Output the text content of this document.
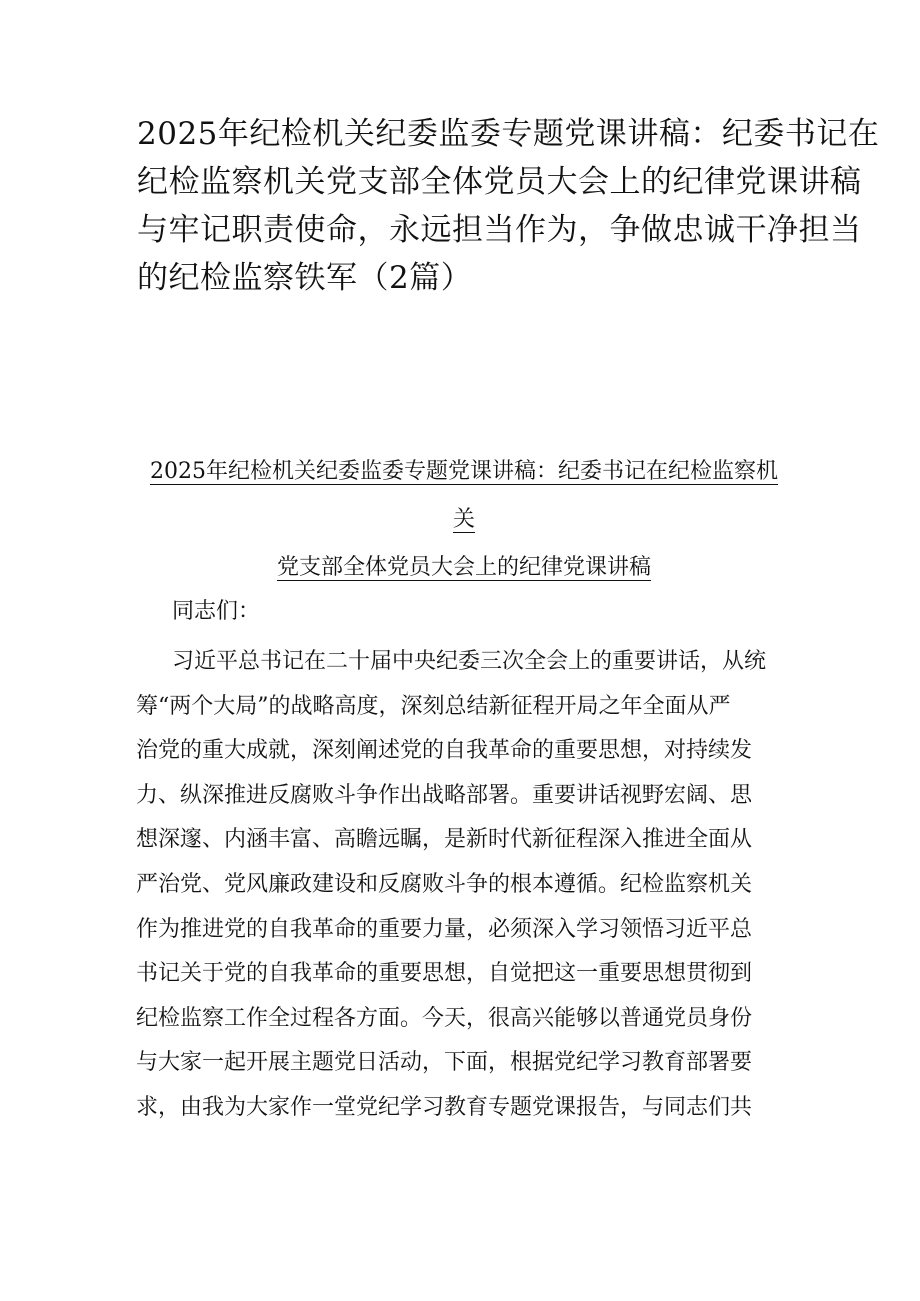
2025年纪检机关纪委监委专题党课讲稿：纪委书记在
纪检监察机关党支部全体党员大会上的纪律党课讲稿
与牢记职责使命，永远担当作为，争做忠诚干净担当
的纪检监察铁军（2篇）
2025年纪检机关纪委监委专题党课讲稿：纪委书记在纪检监察机
关
党支部全体党员大会上的纪律党课讲稿

同志们：

习近平总书记在二十届中央纪委三次全会上的重要讲话，从统
筹“两个大局”的战略高度，深刻总结新征程开局之年全面从严
治党的重大成就，深刻阐述党的自我革命的重要思想，对持续发
力、纵深推进反腐败斗争作出战略部署。重要讲话视野宏阔、思
想深邃、内涵丰富、高瞻远瞩，是新时代新征程深入推进全面从
严治党、党风廉政建设和反腐败斗争的根本遵循。纪检监察机关
作为推进党的自我革命的重要力量，必须深入学习领悟习近平总
书记关于党的自我革命的重要思想，自觉把这一重要思想贯彻到
纪检监察工作全过程各方面。今天，很高兴能够以普通党员身份
与大家一起开展主题党日活动，下面，根据党纪学习教育部署要
求，由我为大家作一堂党纪学习教育专题党课报告，与同志们共
